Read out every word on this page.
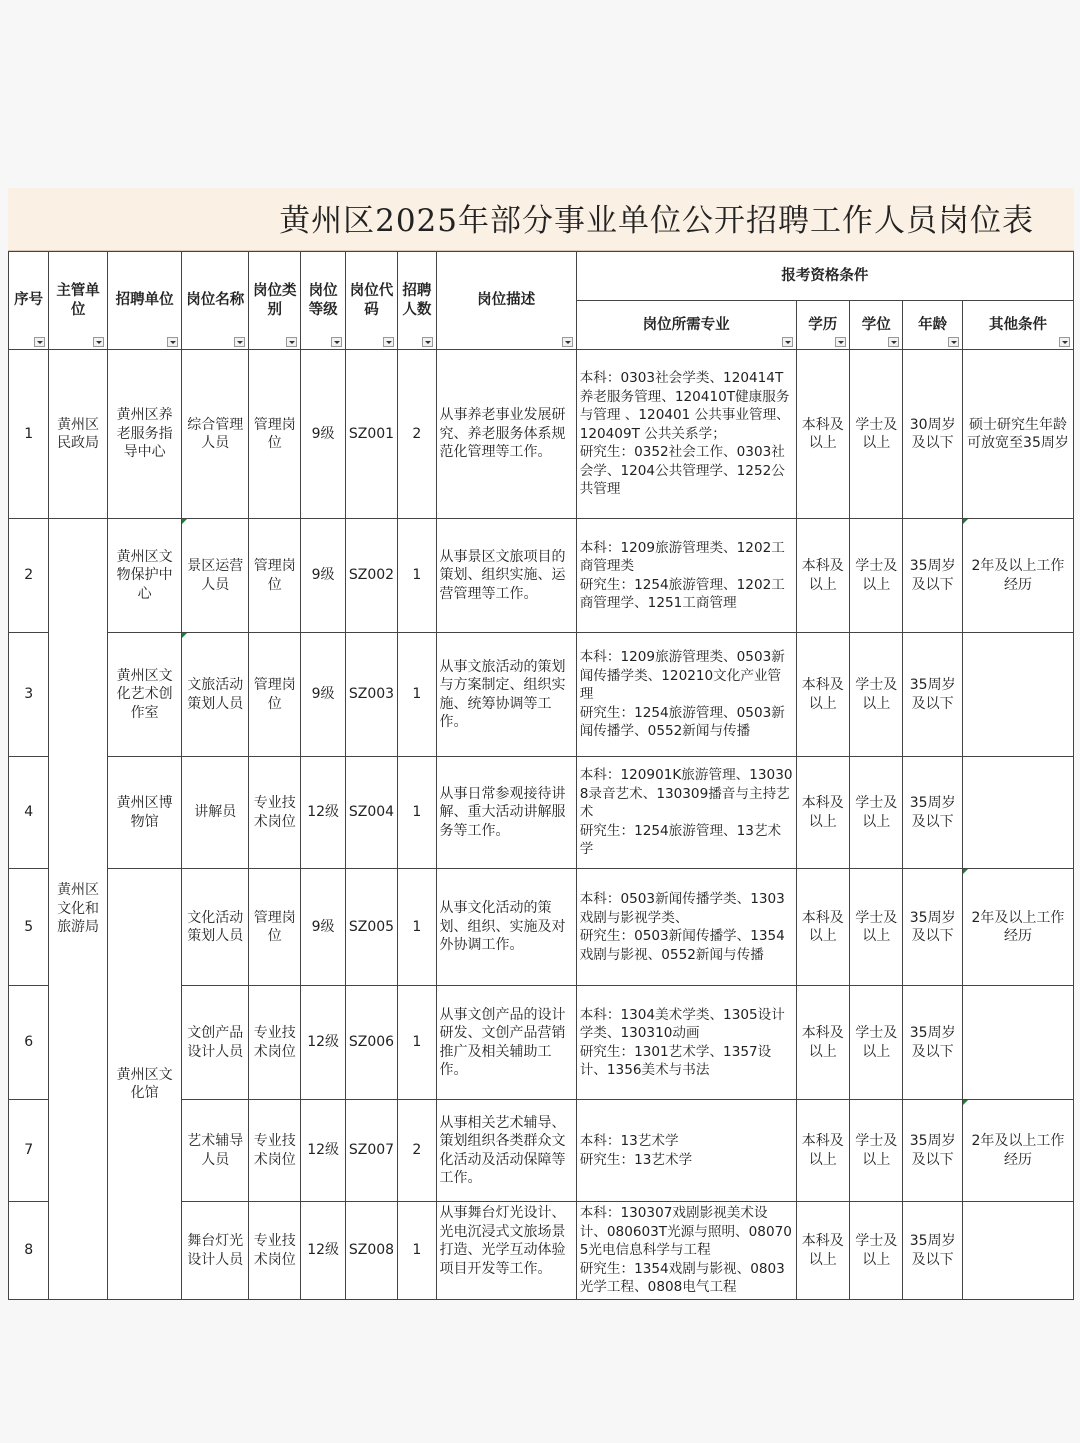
黄州区2025年部分事业单位公开招聘工作人员岗位表
序号	主管单位	招聘单位	岗位名称	岗位类别	岗位等级	岗位代码	招聘人数	岗位描述	报考资格条件				
									岗位所需专业	学历	学位	年龄	其他条件

1	黄州区民政局	黄州区养老服务指导中心	综合管理人员	管理岗位	9级	SZ001	2	从事养老事业发展研究、养老服务体系规范化管理等工作。	本科：0303社会学类、120414T养老服务管理、120410T健康服务与管理 、120401 公共事业管理、120409T 公共关系学；
研究生：0352社会工作、0303社会学、1204公共管理学、1252公共管理	本科及以上	学士及以上	30周岁及以下	硕士研究生年龄可放宽至35周岁
2	黄州区文化和旅游局	黄州区文物保护中心	景区运营人员	管理岗位	9级	SZ002	1	从事景区文旅项目的策划、组织实施、运营管理等工作。	本科：1209旅游管理类、1202工商管理类
研究生：1254旅游管理、1202工商管理学、1251工商管理	本科及以上	学士及以上	35周岁及以下	2年及以上工作经历
3		黄州区文化艺术创作室	文旅活动策划人员	管理岗位	9级	SZ003	1	从事文旅活动的策划与方案制定、组织实施、统筹协调等工作。	本科：1209旅游管理类、0503新闻传播学类、120210文化产业管理
研究生：1254旅游管理、0503新闻传播学、0552新闻与传播	本科及以上	学士及以上	35周岁及以下	
4		黄州区博物馆	讲解员	专业技术岗位	12级	SZ004	1	从事日常参观接待讲解、重大活动讲解服务等工作。	本科：120901K旅游管理、130308录音艺术、130309播音与主持艺术
研究生：1254旅游管理、13艺术学	本科及以上	学士及以上	35周岁及以下	
5		黄州区文化馆	文化活动策划人员	管理岗位	9级	SZ005	1	从事文化活动的策划、组织、实施及对外协调工作。	本科：0503新闻传播学类、1303戏剧与影视学类、
研究生：0503新闻传播学、1354戏剧与影视、0552新闻与传播	本科及以上	学士及以上	35周岁及以下	2年及以上工作经历
6			文创产品设计人员	专业技术岗位	12级	SZ006	1	从事文创产品的设计研发、文创产品营销推广及相关辅助工作。	本科：1304美术学类、1305设计学类、130310动画
研究生：1301艺术学、1357设计、1356美术与书法	本科及以上	学士及以上	35周岁及以下	
7			艺术辅导人员	专业技术岗位	12级	SZ007	2	从事相关艺术辅导、策划组织各类群众文化活动及活动保障等工作。	本科：13艺术学
研究生：13艺术学	本科及以上	学士及以上	35周岁及以下	2年及以上工作经历
8			舞台灯光设计人员	专业技术岗位	12级	SZ008	1	从事舞台灯光设计、光电沉浸式文旅场景打造、光学互动体验项目开发等工作。	本科：130307戏剧影视美术设计、080603T光源与照明、080705光电信息科学与工程
研究生：1354戏剧与影视、0803光学工程、0808电气工程	本科及以上	学士及以上	35周岁及以下	
